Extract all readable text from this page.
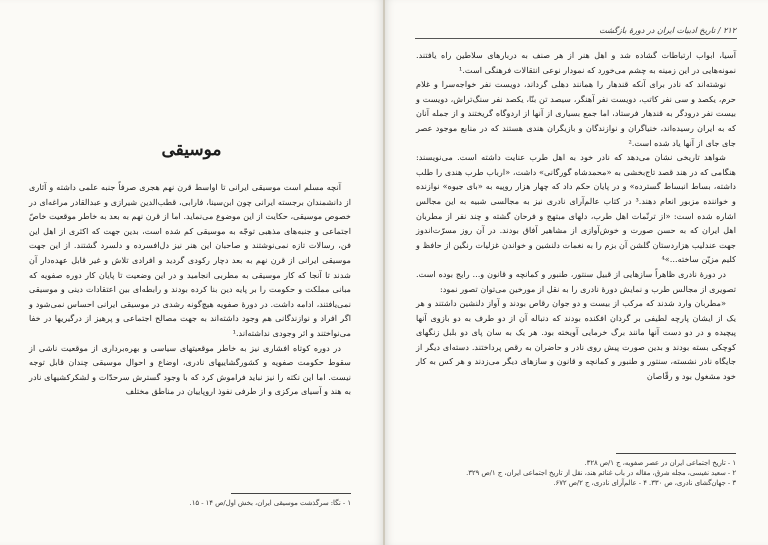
موسیقی

آنچه مسلم است موسیقی ایرانی تا اواسط قرن نهم هجری صرفاً جنبه علمی داشته و آثاری از دانشمندان برجسته ایرانی چون ابن‌سینا، فارابی، قطب‌الدین شیرازی و عبدالقادر مراغه‌ای در خصوص موسیقی، حکایت از این موضوع می‌نماید. اما از قرن نهم به بعد به خاطر موقعیت خاصّ اجتماعی و جنبه‌های مذهبی توجّه به موسیقی کم شده است، بدین جهت که اکثری از اهل این فن، رسالات تازه نمی‌نوشتند و صاحبان این هنر نیز دل‌افسرده و دلسرد گشتند. از این جهت موسیقی ایرانی از قرن نهم به بعد دچار رکودی گردید و افرادی تلاش و غیر قابل عهده‌دار آن شدند تا آنجا که کار موسیقی به مطربی انجامید و در این وضعیت تا پایان کار دوره صفویه که مبانی مملکت و حکومت را بر پایه دین بنا کرده بودند و رابطه‌ای بین اعتقادات دینی و موسیقی نمی‌یافتند، ادامه داشت. در دورهٔ صفویه هیچ‌گونه رشدی در موسیقی ایرانی احساس نمی‌شود و اگر افراد و نوازندگانی هم وجود داشته‌اند به جهت مصالح اجتماعی و پرهیز از درگیریها در خفا می‌نواختند و اثر وجودی نداشته‌اند.¹

در دوره کوتاه افشاری نیز به خاطر موقعیتهای سیاسی و بهره‌برداری از موقعیت ناشی از سقوط حکومت صفویه و کشورگشاییهای نادری، اوضاع و احوال موسیقی چندان قابل توجه نیست. اما این نکته را نیز نباید فراموش کرد که با وجود گسترش سرحدّات و لشکرکشیهای نادر به هند و آسیای مرکزی و از طرفی نفوذ اروپاییان در مناطق مختلف

۱ - نگا: سرگذشت موسیقی ایران، بخش اول/ص ۱۴ - ۱۵.
۲۱۲ / تاریخ ادبیات ایران در دورهٔ بازگشت

آسیا، ابواب ارتباطات گشاده شد و اهل هنر از هر صنف به دربارهای سلاطین راه یافتند. نمونه‌هایی در این زمینه به چشم می‌خورد که نمودار نوعی انتقالات فرهنگی است.¹

نوشته‌اند که نادر برای آنکه قندهار را همانند دهلی گرداند، دویست نفر خواجه‌سرا و غلام حرم، یکصد و سی نفر کاتب، دویست نفر آهنگر، سیصد تن بنّا، یکصد نفر سنگ‌تراش، دویست و بیست نفر درودگر به قندهار فرستاد، اما جمع بسیاری از آنها از اردوگاه گریختند و از جمله آنان که به ایران رسیده‌اند، خنیاگران و نوازندگان و بازیگران هندی هستند که در منابع موجود عصر جای جای از آنها یاد شده است.²

شواهد تاریخی نشان می‌دهد که نادر خود به اهل طرب عنایت داشته است. می‌نویسند: هنگامی که در هند قصد تاج‌بخشی به «محمدشاه گورگانی» داشت، «ارباب طرب هندی را طلب داشته، بساط انبساط گسترده» و در پایان حکم داد که چهار هزار روپیه به «بای جیوه» نوازنده و خواننده مزبور انعام دهند.³ در کتاب عالم‌آرای نادری نیز به مجالسی شبیه به این مجالس اشاره شده است: «از ترنّمات اهل طرب، دلهای مبتهج و فرحان گشته و چند نفر از مطربان اهل ایران که به حسن صورت و خوش‌آوازی از مشاهیر آفاق بودند. در آن روز مسرّت‌اندوز جهت عندلیب هزاردستان گلشن آن بزم را به نغمات دلنشین و خواندن غزلیات رنگین از حافظ و کلیم مزیّن ساخته...»⁴

در دورهٔ نادری ظاهراً سازهایی از قبیل سنتور، طنبور و کمانچه و قانون و... رایج بوده است. تصویری از مجالس طرب و نمایش دورهٔ نادری را به نقل از مورخین می‌توان تصور نمود:

«مطربان وارد شدند که مرکب از بیست و دو جوان رقاص بودند و آواز دلنشین داشتند و هر یک از ایشان پارچه لطیفی بر گردان افکنده بودند که دنباله آن از دو طرف به دو بازوی آنها پیچیده و در دو دست آنها مانند برگ خرمایی آویخته بود. هر یک به سان پای دو بلبل زنگهای کوچکی بسته بودند و بدین صورت پیش روی نادر و حاضران به رقص پرداختند. دسته‌ای دیگر از جایگاه نادر نشسته، سنتور و طنبور و کمانچه و قانون و سازهای دیگر می‌زدند و هر کس به کار خود مشغول بود و رقّاصان

۱ - تاریخ اجتماعی ایران در عصر صفویه، ج ۱/ص ۳۲۸.
۲ - سعید نفیسی، مجله شرق، مقاله در باب غنائم هند، نقل از تاریخ اجتماعی ایران، ج ۱/ص ۳۲۹.
۳ - جهان‌گشای نادری، ص ۳۳۰. ۴ - عالم‌آرای نادری، ج ۲/ص ۶۷۲.
